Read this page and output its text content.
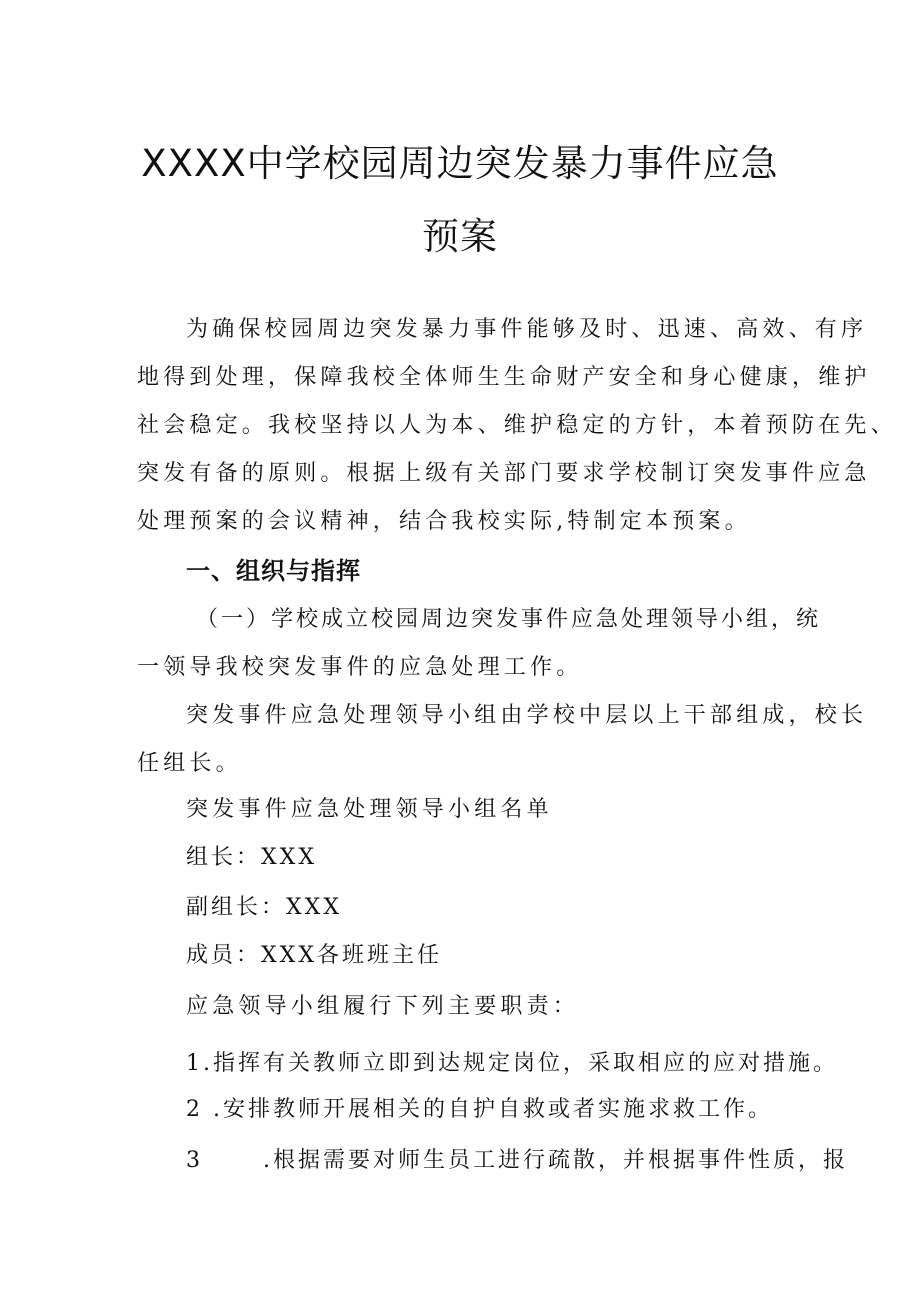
XXXX中学校园周边突发暴力事件应急
预案
为确保校园周边突发暴力事件能够及时、迅速、高效、有序
地得到处理，保障我校全体师生生命财产安全和身心健康，维护
社会稳定。我校坚持以人为本、维护稳定的方针，本着预防在先、
突发有备的原则。根据上级有关部门要求学校制订突发事件应急
处理预案的会议精神，结合我校实际,特制定本预案。
一、组织与指挥
（一）学校成立校园周边突发事件应急处理领导小组，统
一领导我校突发事件的应急处理工作。
突发事件应急处理领导小组由学校中层以上干部组成，校长
任组长。
突发事件应急处理领导小组名单
组长：XXX
副组长：XXX
成员：XXX各班班主任
应急领导小组履行下列主要职责：
1.指挥有关教师立即到达规定岗位，采取相应的应对措施。
2 .安排教师开展相关的自护自救或者实施求救工作。
3      .根据需要对师生员工进行疏散，并根据事件性质，报
